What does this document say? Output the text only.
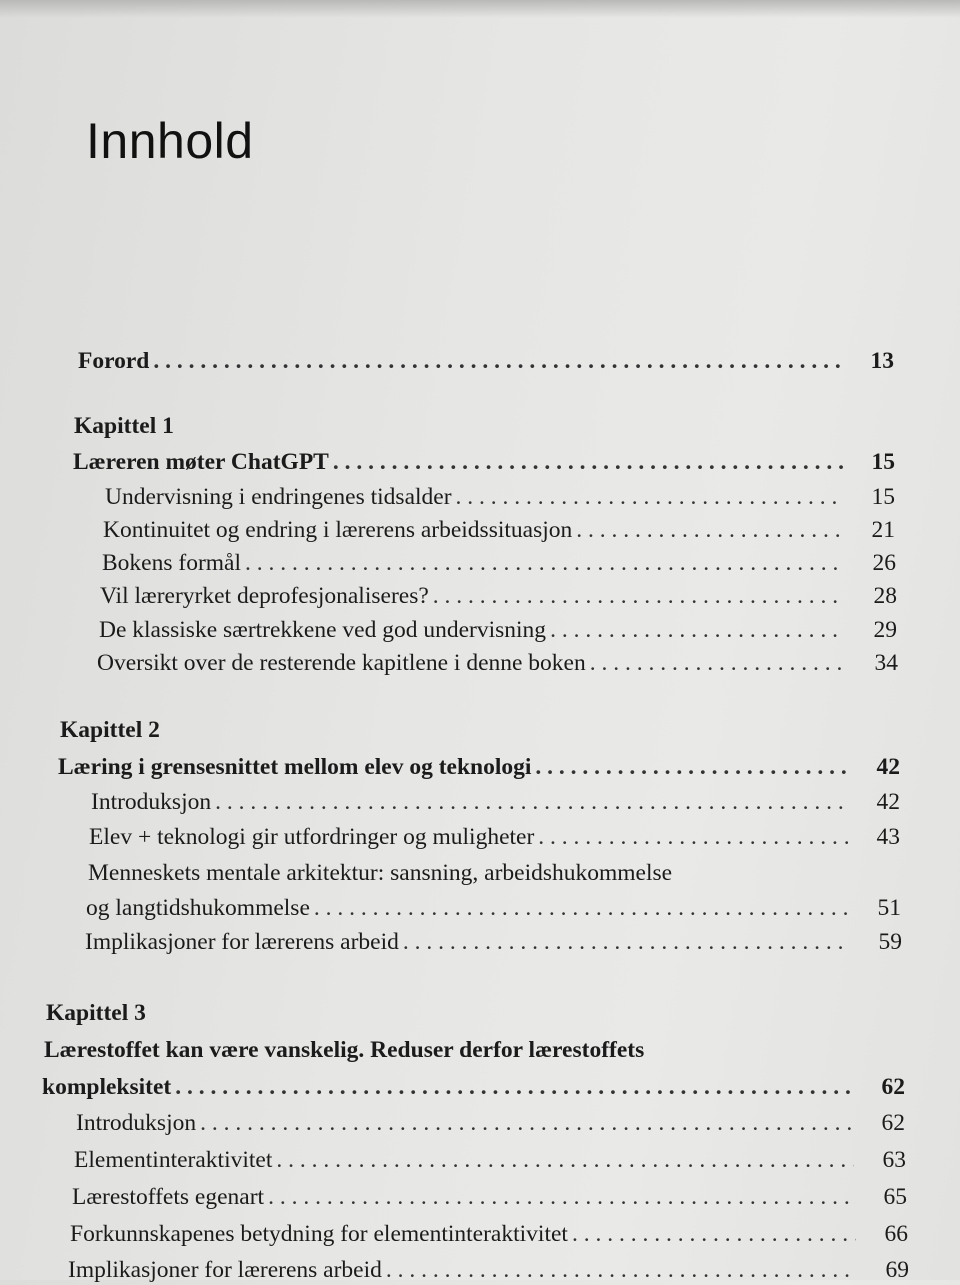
Innhold
Forord . . .	13
Kapittel 1
Læreren møter ChatGPT . . .	15
Undervisning i endringenes tidsalder . . .	15
Kontinuitet og endring i lærerens arbeidssituasjon . . .	21
Bokens formål . . .	26
Vil læreryrket deprofesjonaliseres? . . .	28
De klassiske særtrekkene ved god undervisning . . .	29
Oversikt over de resterende kapitlene i denne boken . . .	34
Kapittel 2
Læring i grensesnittet mellom elev og teknologi . . .	42
Introduksjon . . .	42
Elev + teknologi gir utfordringer og muligheter . . .	43
Menneskets mentale arkitektur: sansning, arbeidshukommelse
og langtidshukommelse . . .	51
Implikasjoner for lærerens arbeid . . .	59
Kapittel 3
Lærestoffet kan være vanskelig. Reduser derfor lærestoffets
kompleksitet . . .	62
Introduksjon . . .	62
Elementinteraktivitet . . .	63
Lærestoffets egenart . . .	65
Forkunnskapenes betydning for elementinteraktivitet . . .	66
Implikasjoner for lærerens arbeid . . .	69
